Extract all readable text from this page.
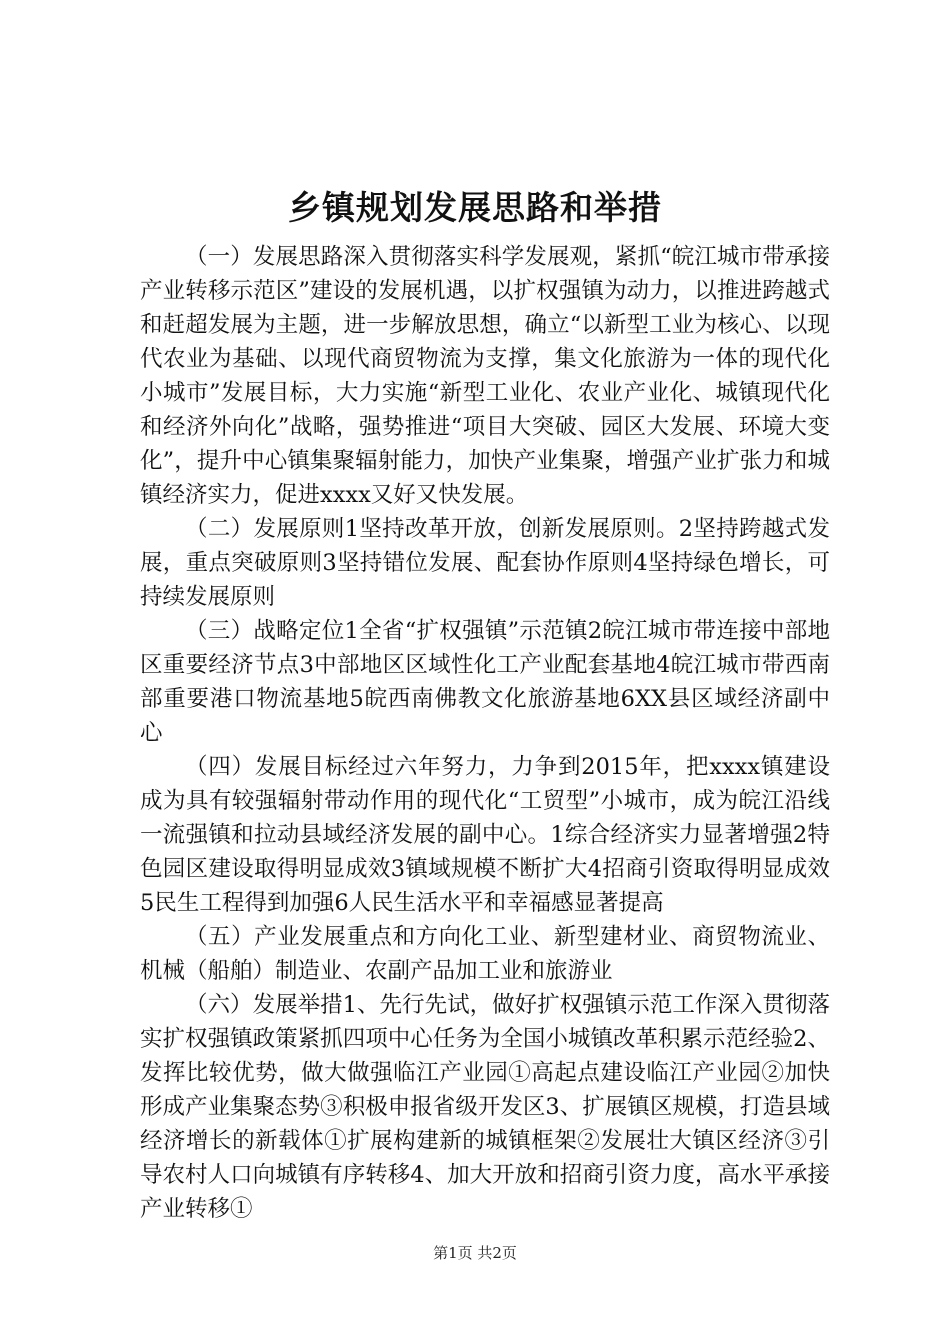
乡镇规划发展思路和举措

（一）发展思路深入贯彻落实科学发展观，紧抓“皖江城市带承接产业转移示范区”建设的发展机遇，以扩权强镇为动力，以推进跨越式和赶超发展为主题，进一步解放思想，确立“以新型工业为核心、以现代农业为基础、以现代商贸物流为支撑，集文化旅游为一体的现代化小城市”发展目标，大力实施“新型工业化、农业产业化、城镇现代化和经济外向化”战略，强势推进“项目大突破、园区大发展、环境大变化”，提升中心镇集聚辐射能力，加快产业集聚，增强产业扩张力和城镇经济实力，促进xxxx又好又快发展。

（二）发展原则1坚持改革开放，创新发展原则。2坚持跨越式发展，重点突破原则3坚持错位发展、配套协作原则4坚持绿色增长，可持续发展原则

（三）战略定位1全省“扩权强镇”示范镇2皖江城市带连接中部地区重要经济节点3中部地区区域性化工产业配套基地4皖江城市带西南部重要港口物流基地5皖西南佛教文化旅游基地6XX县区域经济副中心

（四）发展目标经过六年努力，力争到2015年，把xxxx镇建设成为具有较强辐射带动作用的现代化“工贸型”小城市，成为皖江沿线一流强镇和拉动县域经济发展的副中心。1综合经济实力显著增强2特色园区建设取得明显成效3镇域规模不断扩大4招商引资取得明显成效5民生工程得到加强6人民生活水平和幸福感显著提高

（五）产业发展重点和方向化工业、新型建材业、商贸物流业、机械（船舶）制造业、农副产品加工业和旅游业

（六）发展举措1、先行先试，做好扩权强镇示范工作深入贯彻落实扩权强镇政策紧抓四项中心任务为全国小城镇改革积累示范经验2、发挥比较优势，做大做强临江产业园①高起点建设临江产业园②加快形成产业集聚态势③积极申报省级开发区3、扩展镇区规模，打造县域经济增长的新载体①扩展构建新的城镇框架②发展壮大镇区经济③引导农村人口向城镇有序转移4、加大开放和招商引资力度，高水平承接产业转移①

第1页 共2页
